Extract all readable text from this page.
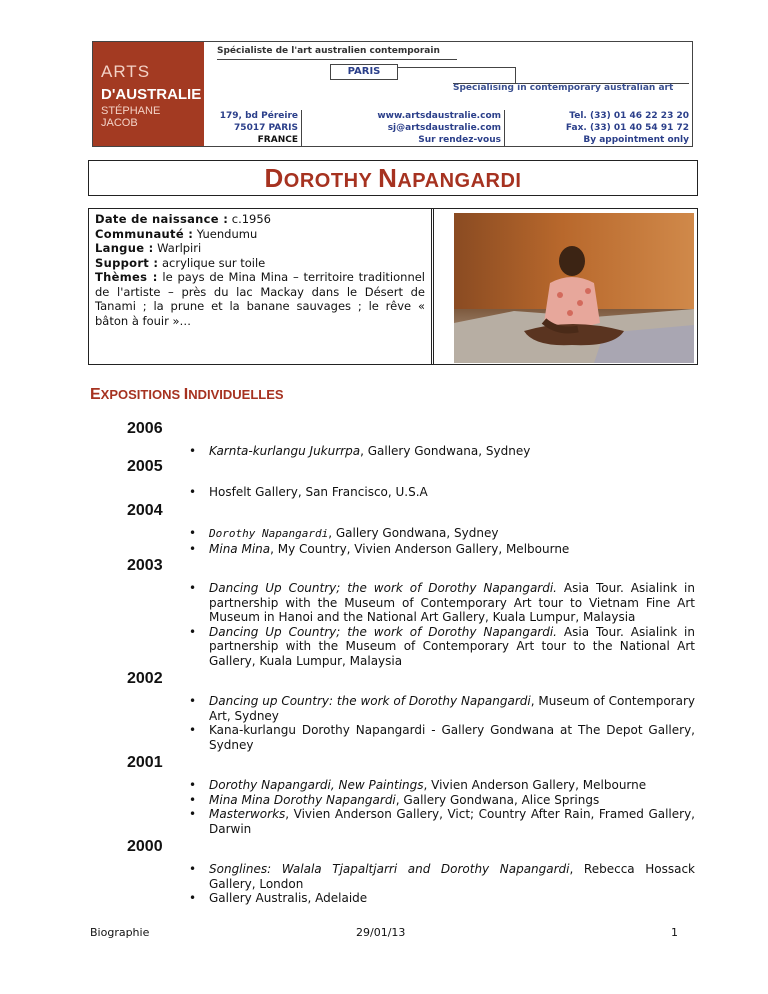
ARTS
D'AUSTRALIE
STÉPHANE
JACOB
Spécialiste de l'art australien contemporain
PARIS
Specialising in contemporary australian art
179, bd Péreire
75017 PARIS
FRANCE
www.artsdaustralie.com
sj@artsdaustralie.com
Sur rendez-vous
Tel. (33) 01 46 22 23 20
Fax. (33) 01 40 54 91 72
By appointment only
DOROTHY NAPANGARDI
Date de naissance : c.1956
Communauté : Yuendumu
Langue : Warlpiri
Support : acrylique sur toile
Thèmes : le pays de Mina Mina – territoire traditionnel de l'artiste – près du lac Mackay dans le Désert de Tanami ; la prune et la banane sauvages ; le rêve « bâton à fouir »…
EXPOSITIONS INDIVIDUELLES
2006
• Karnta-kurlangu Jukurrpa, Gallery Gondwana, Sydney
2005
• Hosfelt Gallery, San Francisco, U.S.A
2004
• Dorothy Napangardi, Gallery Gondwana, Sydney
• Mina Mina, My Country, Vivien Anderson Gallery, Melbourne
2003
• Dancing Up Country; the work of Dorothy Napangardi. Asia Tour. Asialink in partnership with the Museum of Contemporary Art tour to Vietnam Fine Art Museum in Hanoi and the National Art Gallery, Kuala Lumpur, Malaysia
• Dancing Up Country; the work of Dorothy Napangardi. Asia Tour. Asialink in partnership with the Museum of Contemporary Art tour to the National Art Gallery, Kuala Lumpur, Malaysia
2002
• Dancing up Country: the work of Dorothy Napangardi, Museum of Contemporary Art, Sydney
• Kana-kurlangu Dorothy Napangardi - Gallery Gondwana at The Depot Gallery, Sydney
2001
• Dorothy Napangardi, New Paintings, Vivien Anderson Gallery, Melbourne
• Mina Mina Dorothy Napangardi, Gallery Gondwana, Alice Springs
• Masterworks, Vivien Anderson Gallery, Vict; Country After Rain, Framed Gallery, Darwin
2000
• Songlines: Walala Tjapaltjarri and Dorothy Napangardi, Rebecca Hossack Gallery, London
• Gallery Australis, Adelaide
Biographie	29/01/13	1
